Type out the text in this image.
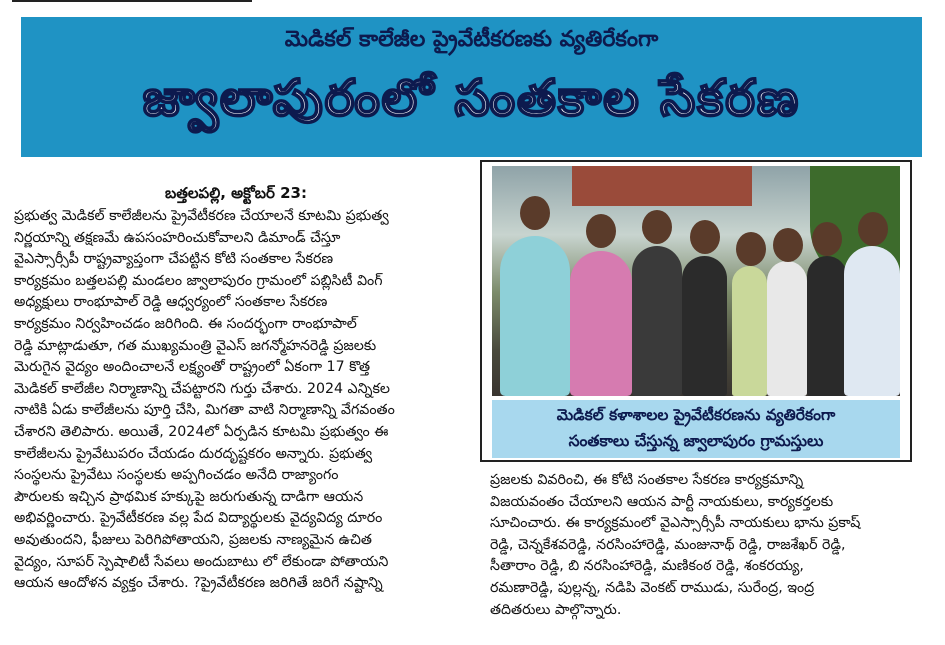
మెడికల్ కాలేజీల ప్రైవేటీకరణకు వ్యతిరేకంగా
జ్వాలాపురంలో సంతకాల సేకరణ
బత్తలపల్లి, అక్టోబర్ 23:
ప్రభుత్వ మెడికల్ కాలేజీలను ప్రైవేటీకరణ చేయాలనే కూటమి ప్రభుత్వ
నిర్ణయాన్ని తక్షణమే ఉపసంహరించుకోవాలని డిమాండ్ చేస్తూ
వైఎస్సార్సీపీ రాష్ట్రవ్యాప్తంగా చేపట్టిన కోటి సంతకాల సేకరణ
కార్యక్రమం బత్తలపల్లి మండలం జ్వాలాపురం గ్రామంలో పబ్లిసిటీ వింగ్
అధ్యక్షులు రాంభూపాల్ రెడ్డి ఆధ్వర్యంలో సంతకాల సేకరణ
కార్యక్రమం నిర్వహించడం జరిగింది. ఈ సందర్భంగా రాంభూపాల్
రెడ్డి మాట్లాడుతూ, గత ముఖ్యమంత్రి వైఎస్ జగన్మోహనరెడ్డి ప్రజలకు
మెరుగైన వైద్యం అందించాలనే లక్ష్యంతో రాష్ట్రంలో ఏకంగా 17 కొత్త
మెడికల్ కాలేజీల నిర్మాణాన్ని చేపట్టారని గుర్తు చేశారు. 2024 ఎన్నికల
నాటికి ఏడు కాలేజీలను పూర్తి చేసి, మిగతా వాటి నిర్మాణాన్ని వేగవంతం
చేశారని తెలిపారు. అయితే, 2024లో ఏర్పడిన కూటమి ప్రభుత్వం ఈ
కాలేజీలను ప్రైవేటుపరం చేయడం దురదృష్టకరం అన్నారు. ప్రభుత్వ
సంస్థలను ప్రైవేటు సంస్థలకు అప్పగించడం అనేది రాజ్యాంగం
పౌరులకు ఇచ్చిన ప్రాథమిక హక్కుపై జరుగుతున్న దాడిగా ఆయన
అభివర్ణించారు. ప్రైవేటీకరణ వల్ల పేద విద్యార్థులకు వైద్యవిద్య దూరం
అవుతుందని, ఫీజులు పెరిగిపోతాయని, ప్రజలకు నాణ్యమైన ఉచిత
వైద్యం, సూపర్ స్పెషాలిటీ సేవలు అందుబాటు లో లేకుండా పోతాయని
ఆయన ఆందోళన వ్యక్తం చేశారు. ?ప్రైవేటీకరణ జరిగితే జరిగే నష్టాన్ని
మెడికల్ కళాశాలల ప్రైవేటీకరణను వ్యతిరేకంగా
సంతకాలు చేస్తున్న జ్వాలాపురం గ్రామస్తులు
ప్రజలకు వివరించి, ఈ కోటి సంతకాల సేకరణ కార్యక్రమాన్ని
విజయవంతం చేయాలని ఆయన పార్టీ నాయకులు, కార్యకర్తలకు
సూచించారు. ఈ కార్యక్రమంలో వైఎస్సార్సీపీ నాయకులు భాను ప్రకాష్
రెడ్డి, చెన్నకేశవరెడ్డి, నరసింహారెడ్డి, మంజునాథ్ రెడ్డి, రాజశేఖర్ రెడ్డి,
సీతారాం రెడ్డి, బి నరసింహారెడ్డి, మణికంఠ రెడ్డి, శంకరయ్య,
రమణారెడ్డి, పుల్లన్న, నడిపి వెంకట్ రాముడు, సురేంద్ర, ఇంద్ర
తదితరులు పాల్గొన్నారు.
